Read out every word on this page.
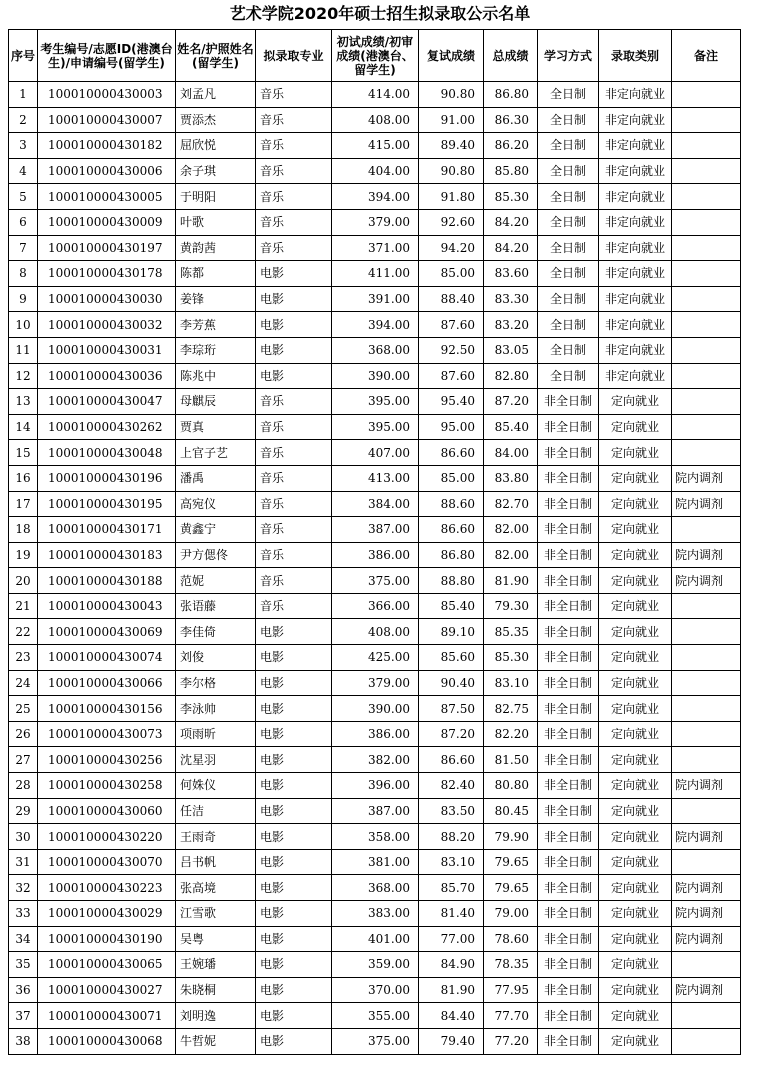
艺术学院2020年硕士招生拟录取公示名单
序号	考生编号/志愿ID(港澳台生)/申请编号(留学生)	姓名/护照姓名(留学生)	拟录取专业	初试成绩/初审成绩(港澳台、留学生)	复试成绩	总成绩	学习方式	录取类别	备注
1	100010000430003	刘孟凡	音乐	414.00	90.80	86.80	全日制	非定向就业	
2	100010000430007	贾添杰	音乐	408.00	91.00	86.30	全日制	非定向就业	
3	100010000430182	屈欣悦	音乐	415.00	89.40	86.20	全日制	非定向就业	
4	100010000430006	余子琪	音乐	404.00	90.80	85.80	全日制	非定向就业	
5	100010000430005	于明阳	音乐	394.00	91.80	85.30	全日制	非定向就业	
6	100010000430009	叶歌	音乐	379.00	92.60	84.20	全日制	非定向就业	
7	100010000430197	黄韵茜	音乐	371.00	94.20	84.20	全日制	非定向就业	
8	100010000430178	陈都	电影	411.00	85.00	83.60	全日制	非定向就业	
9	100010000430030	姜锋	电影	391.00	88.40	83.30	全日制	非定向就业	
10	100010000430032	李芳蕉	电影	394.00	87.60	83.20	全日制	非定向就业	
11	100010000430031	李琮珩	电影	368.00	92.50	83.05	全日制	非定向就业	
12	100010000430036	陈兆中	电影	390.00	87.60	82.80	全日制	非定向就业	
13	100010000430047	母麒辰	音乐	395.00	95.40	87.20	非全日制	定向就业	
14	100010000430262	贾真	音乐	395.00	95.00	85.40	非全日制	定向就业	
15	100010000430048	上官子艺	音乐	407.00	86.60	84.00	非全日制	定向就业	
16	100010000430196	潘禹	音乐	413.00	85.00	83.80	非全日制	定向就业	院内调剂
17	100010000430195	高宛仪	音乐	384.00	88.60	82.70	非全日制	定向就业	院内调剂
18	100010000430171	黄鑫宁	音乐	387.00	86.60	82.00	非全日制	定向就业	
19	100010000430183	尹方偲佟	音乐	386.00	86.80	82.00	非全日制	定向就业	院内调剂
20	100010000430188	范妮	音乐	375.00	88.80	81.90	非全日制	定向就业	院内调剂
21	100010000430043	张语藤	音乐	366.00	85.40	79.30	非全日制	定向就业	
22	100010000430069	李佳倚	电影	408.00	89.10	85.35	非全日制	定向就业	
23	100010000430074	刘俊	电影	425.00	85.60	85.30	非全日制	定向就业	
24	100010000430066	李尔格	电影	379.00	90.40	83.10	非全日制	定向就业	
25	100010000430156	李泳帅	电影	390.00	87.50	82.75	非全日制	定向就业	
26	100010000430073	项雨昕	电影	386.00	87.20	82.20	非全日制	定向就业	
27	100010000430256	沈星羽	电影	382.00	86.60	81.50	非全日制	定向就业	
28	100010000430258	何姝仪	电影	396.00	82.40	80.80	非全日制	定向就业	院内调剂
29	100010000430060	任洁	电影	387.00	83.50	80.45	非全日制	定向就业	
30	100010000430220	王雨奇	电影	358.00	88.20	79.90	非全日制	定向就业	院内调剂
31	100010000430070	吕书帆	电影	381.00	83.10	79.65	非全日制	定向就业	
32	100010000430223	张高境	电影	368.00	85.70	79.65	非全日制	定向就业	院内调剂
33	100010000430029	江雪歌	电影	383.00	81.40	79.00	非全日制	定向就业	院内调剂
34	100010000430190	吴粤	电影	401.00	77.00	78.60	非全日制	定向就业	院内调剂
35	100010000430065	王婉璠	电影	359.00	84.90	78.35	非全日制	定向就业	
36	100010000430027	朱晓桐	电影	370.00	81.90	77.95	非全日制	定向就业	院内调剂
37	100010000430071	刘明逸	电影	355.00	84.40	77.70	非全日制	定向就业	
38	100010000430068	牛哲妮	电影	375.00	79.40	77.20	非全日制	定向就业	
